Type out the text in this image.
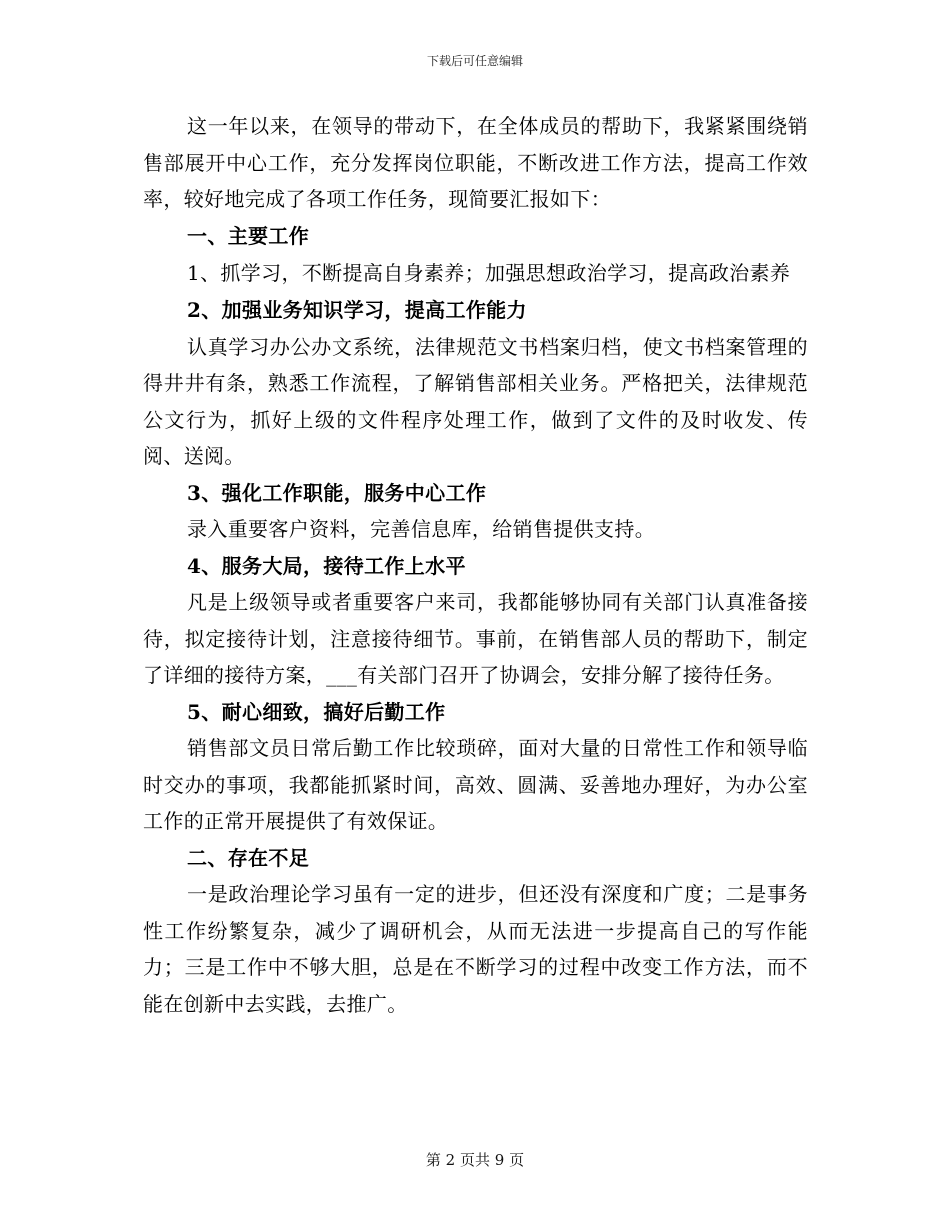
下载后可任意编辑

这一年以来，在领导的带动下，在全体成员的帮助下，我紧紧围绕销售部展开中心工作，充分发挥岗位职能，不断改进工作方法，提高工作效率，较好地完成了各项工作任务，现简要汇报如下：

一、主要工作

1、抓学习，不断提高自身素养；加强思想政治学习，提高政治素养

2、加强业务知识学习，提高工作能力

认真学习办公办文系统，法律规范文书档案归档，使文书档案管理的得井井有条，熟悉工作流程，了解销售部相关业务。严格把关，法律规范公文行为，抓好上级的文件程序处理工作，做到了文件的及时收发、传阅、送阅。

3、强化工作职能，服务中心工作

录入重要客户资料，完善信息库，给销售提供支持。

4、服务大局，接待工作上水平

凡是上级领导或者重要客户来司，我都能够协同有关部门认真准备接待，拟定接待计划，注意接待细节。事前，在销售部人员的帮助下，制定了详细的接待方案，___有关部门召开了协调会，安排分解了接待任务。

5、耐心细致，搞好后勤工作

销售部文员日常后勤工作比较琐碎，面对大量的日常性工作和领导临时交办的事项，我都能抓紧时间，高效、圆满、妥善地办理好，为办公室工作的正常开展提供了有效保证。

二、存在不足

一是政治理论学习虽有一定的进步，但还没有深度和广度；二是事务性工作纷繁复杂，减少了调研机会，从而无法进一步提高自己的写作能力；三是工作中不够大胆，总是在不断学习的过程中改变工作方法，而不能在创新中去实践，去推广。

第 2 页共 9 页
